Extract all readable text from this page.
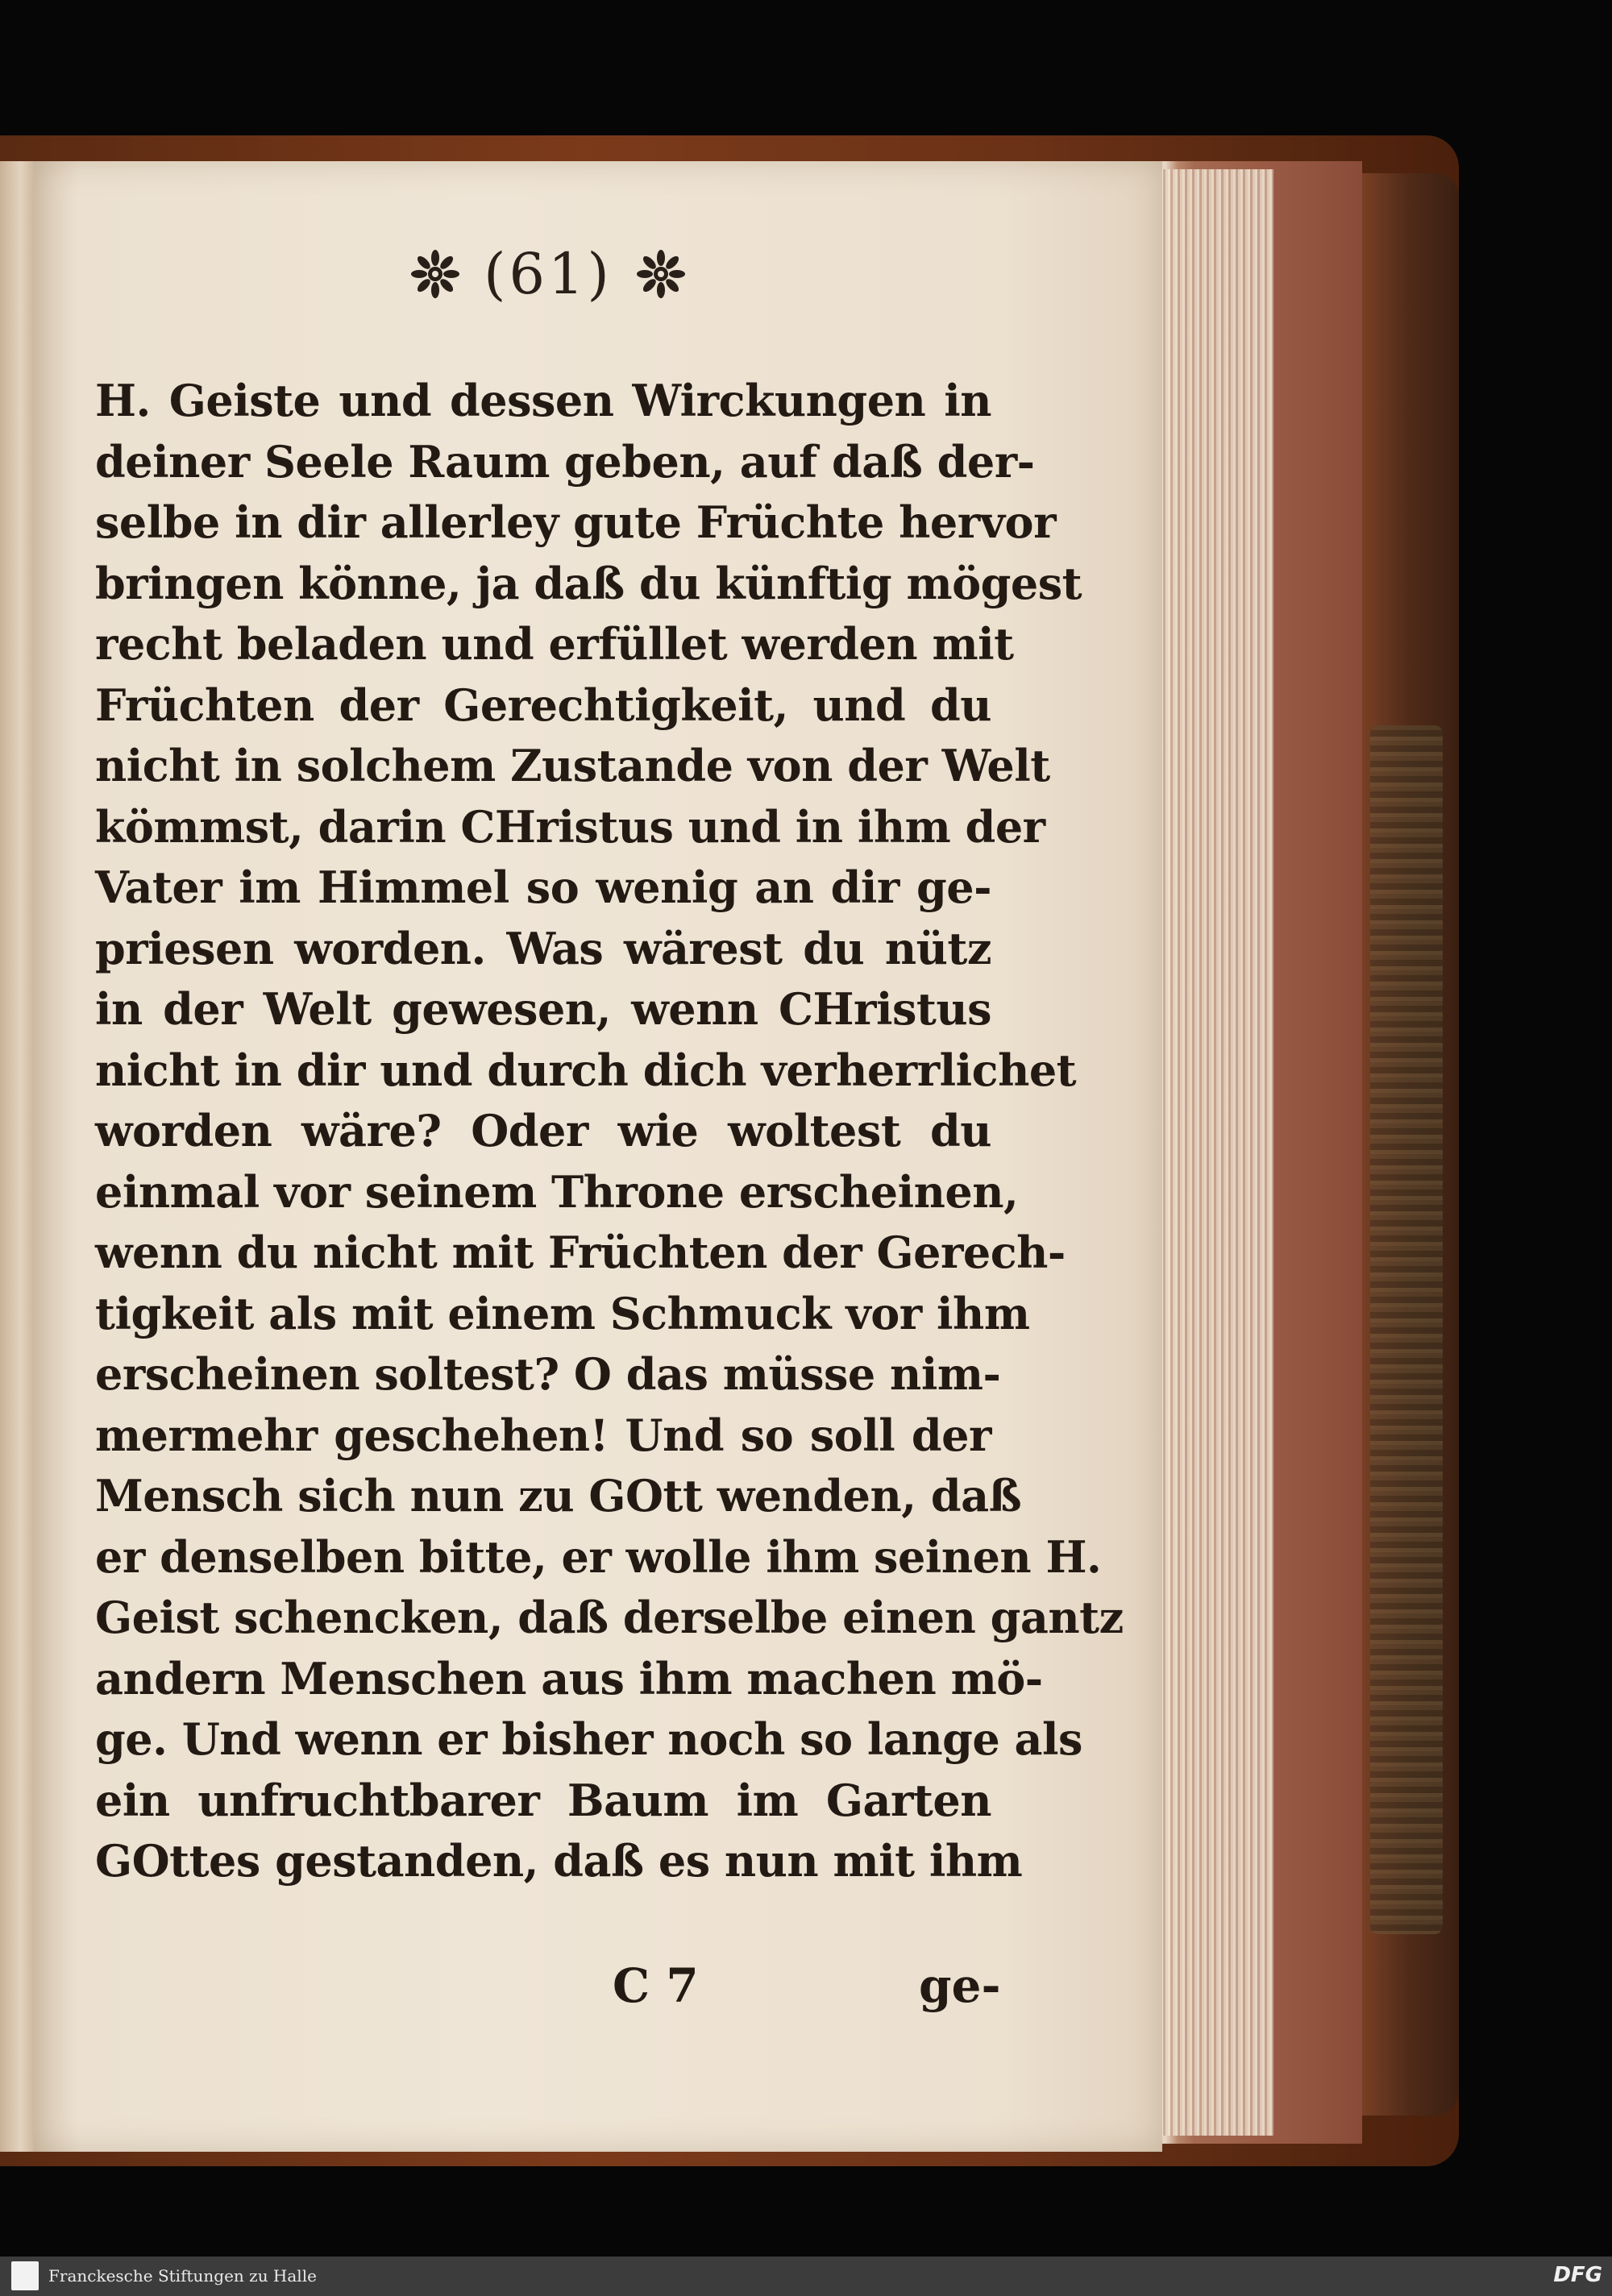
(61)
H. Geiste und dessen Wirckungen in
deiner Seele Raum geben, auf daß der-
selbe in dir allerley gute Früchte hervor
bringen könne, ja daß du künftig mögest
recht beladen und erfüllet werden mit
Früchten der Gerechtigkeit, und du
nicht in solchem Zustande von der Welt
kömmst, darin CHristus und in ihm der
Vater im Himmel so wenig an dir ge-
priesen worden. Was wärest du nütz
in der Welt gewesen, wenn CHristus
nicht in dir und durch dich verherrlichet
worden wäre? Oder wie woltest du
einmal vor seinem Throne erscheinen,
wenn du nicht mit Früchten der Gerech-
tigkeit als mit einem Schmuck vor ihm
erscheinen soltest? O das müsse nim-
mermehr geschehen! Und so soll der
Mensch sich nun zu GOtt wenden, daß
er denselben bitte, er wolle ihm seinen H.
Geist schencken, daß derselbe einen gantz
andern Menschen aus ihm machen mö-
ge. Und wenn er bisher noch so lange als
ein unfruchtbarer Baum im Garten
GOttes gestanden, daß es nun mit ihm
C 7	ge-
Franckesche Stiftungen zu Halle	DFG
